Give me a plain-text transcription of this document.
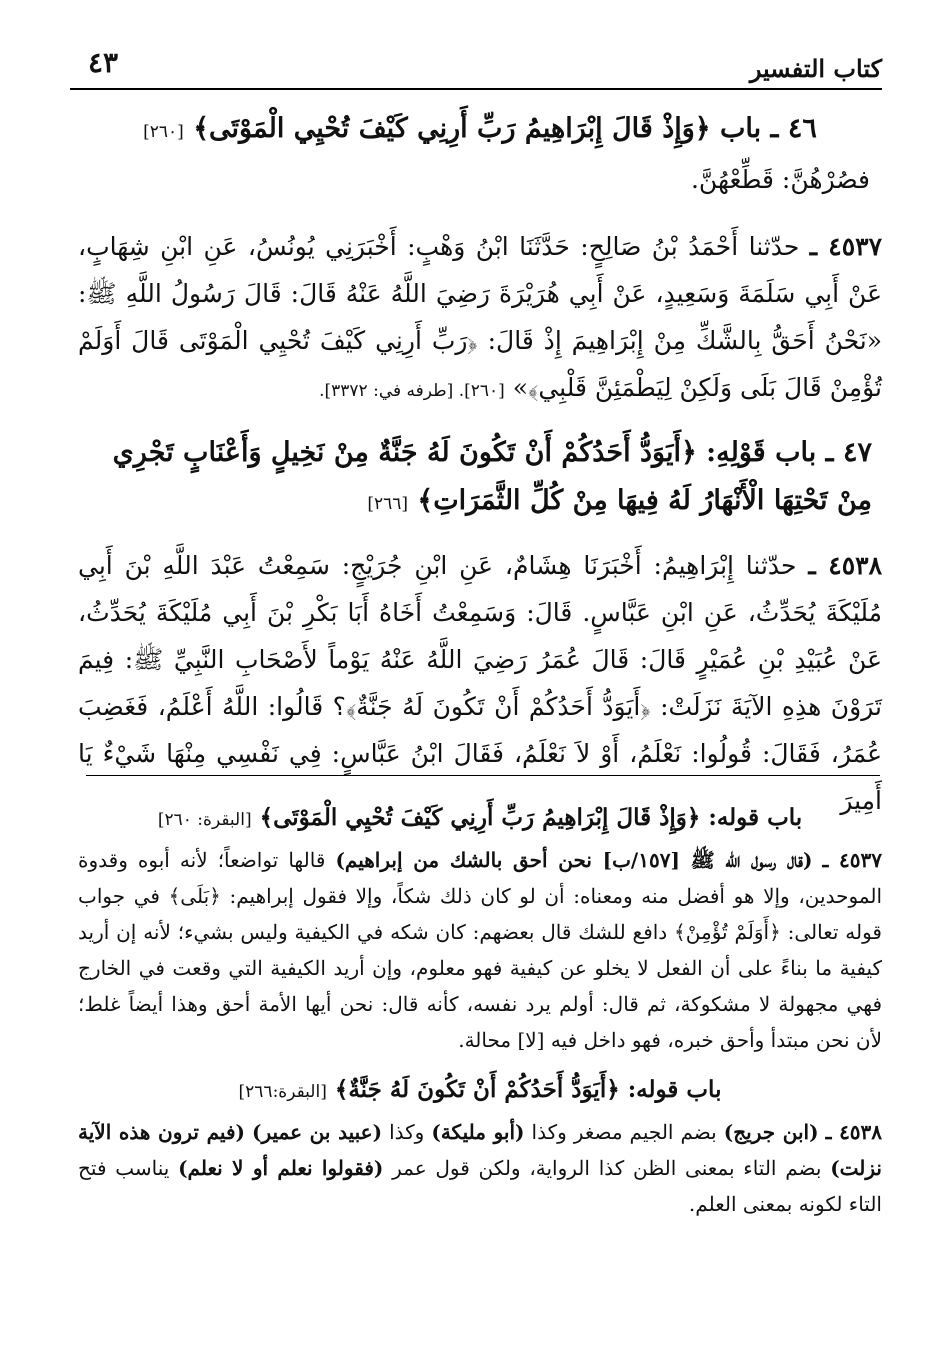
٤٣	كتاب التفسير
٤٦ ـ باب ﴿وَإِذْ قَالَ إِبْرَاهِيمُ رَبِّ أَرِنِي كَيْفَ تُحْيِي الْمَوْتَى﴾ [٢٦٠]
فصُرْهُنَّ: قَطِّعْهُنَّ.

٤٥٣٧ ـ حدّثنا أَحْمَدُ بْنُ صَالِحٍ: حَدَّثَنَا ابْنُ وَهْبٍ: أَخْبَرَنِي يُونُسُ، عَنِ ابْنِ شِهَابٍ، عَنْ أَبِي سَلَمَةَ وَسَعِيدٍ، عَنْ أَبِي هُرَيْرَةَ رَضِيَ اللَّهُ عَنْهُ قَالَ: قَالَ رَسُولُ اللَّهِ ﷺ: «نَحْنُ أَحَقُّ بِالشَّكِّ مِنْ إِبْرَاهِيمَ إِذْ قَالَ: ﴿رَبِّ أَرِنِي كَيْفَ تُحْيِي الْمَوْتَى قَالَ أَوَلَمْ تُؤْمِنْ قَالَ بَلَى وَلَكِنْ لِيَطْمَئِنَّ قَلْبِي﴾» [٢٦٠]. [طرفه في: ٣٣٧٢].

٤٧ ـ باب قَوْلِهِ: ﴿أَيَوَدُّ أَحَدُكُمْ أَنْ تَكُونَ لَهُ جَنَّةٌ مِنْ نَخِيلٍ وَأَعْنَابٍ تَجْرِي مِنْ تَحْتِهَا الْأَنْهَارُ لَهُ فِيهَا مِنْ كُلِّ الثَّمَرَاتِ﴾ [٢٦٦]

٤٥٣٨ ـ حدّثنا إِبْرَاهِيمُ: أَخْبَرَنَا هِشَامٌ، عَنِ ابْنِ جُرَيْجٍ: سَمِعْتُ عَبْدَ اللَّهِ بْنَ أَبِي مُلَيْكَةَ يُحَدِّثُ، عَنِ ابْنِ عَبَّاسٍ. قَالَ: وَسَمِعْتُ أَخَاهُ أَبَا بَكْرِ بْنَ أَبِي مُلَيْكَةَ يُحَدِّثُ، عَنْ عُبَيْدِ بْنِ عُمَيْرٍ قَالَ: قَالَ عُمَرُ رَضِيَ اللَّهُ عَنْهُ يَوْماً لأَصْحَابِ النَّبِيِّ ﷺ: فِيمَ تَرَوْنَ هذِهِ الآيَةَ نَزَلَتْ: ﴿أَيَوَدُّ أَحَدُكُمْ أَنْ تَكُونَ لَهُ جَنَّةٌ﴾؟ قَالُوا: اللَّهُ أَعْلَمُ، فَغَضِبَ عُمَرُ، فَقَالَ: قُولُوا: نَعْلَمُ، أَوْ لاَ نَعْلَمُ، فَقَالَ ابْنُ عَبَّاسٍ: فِي نَفْسِي مِنْهَا شَيْءٌ يَا أَمِيرَ

باب قوله: ﴿وَإِذْ قَالَ إِبْرَاهِيمُ رَبِّ أَرِنِي كَيْفَ تُحْيِي الْمَوْتَى﴾ [البقرة: ٢٦٠]

٤٥٣٧ ـ (قال رسول الله ﷺ [١٥٧/ب] نحن أحق بالشك من إبراهيم) قالها تواضعاً؛ لأنه أبوه وقدوة الموحدين، وإلا هو أفضل منه ومعناه: أن لو كان ذلك شكاً، وإلا فقول إبراهيم: ﴿بَلَى﴾ في جواب قوله تعالى: ﴿أَوَلَمْ تُؤْمِنْ﴾ دافع للشك قال بعضهم: كان شكه في الكيفية وليس بشيء؛ لأنه إن أريد كيفية ما بناءً على أن الفعل لا يخلو عن كيفية فهو معلوم، وإن أريد الكيفية التي وقعت في الخارج فهي مجهولة لا مشكوكة، ثم قال: أولم يرد نفسه، كأنه قال: نحن أيها الأمة أحق وهذا أيضاً غلط؛ لأن نحن مبتدأ وأحق خبره، فهو داخل فيه [لا] محالة.

باب قوله: ﴿أَيَوَدُّ أَحَدُكُمْ أَنْ تَكُونَ لَهُ جَنَّةٌ﴾ [البقرة:٢٦٦]

٤٥٣٨ ـ (ابن جريج) بضم الجيم مصغر وكذا (أبو مليكة) وكذا (عبيد بن عمير) (فيم ترون هذه الآية نزلت) بضم التاء بمعنى الظن كذا الرواية، ولكن قول عمر (فقولوا نعلم أو لا نعلم) يناسب فتح التاء لكونه بمعنى العلم.
